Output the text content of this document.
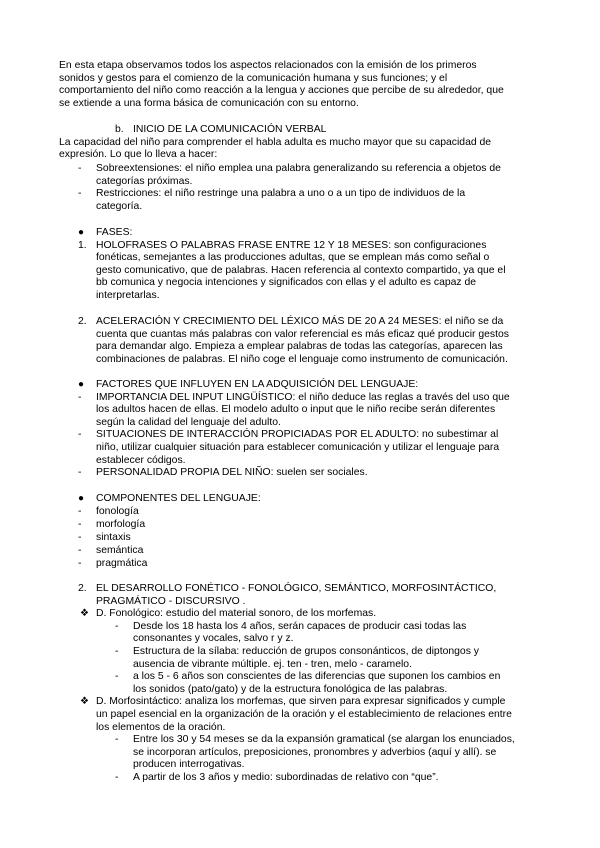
En esta etapa observamos todos los aspectos relacionados con la emisión de los primeros
sonidos y gestos para el comienzo de la comunicación humana y sus funciones; y el
comportamiento del niño como reacción a la lengua y acciones que percibe de su alrededor, que
se extiende a una forma básica de comunicación con su entorno.
b. INICIO DE LA COMUNICACIÓN VERBAL
La capacidad del niño para comprender el habla adulta es mucho mayor que su capacidad de
expresión. Lo que lo lleva a hacer:
- Sobreextensiones: el niño emplea una palabra generalizando su referencia a objetos de
categorías próximas.
- Restricciones: el niño restringe una palabra a uno o a un tipo de individuos de la
categoría.
● FASES:
1. HOLOFRASES O PALABRAS FRASE ENTRE 12 Y 18 MESES: son configuraciones
fonéticas, semejantes a las producciones adultas, que se emplean más como señal o
gesto comunicativo, que de palabras. Hacen referencia al contexto compartido, ya que el
bb comunica y negocia intenciones y significados con ellas y el adulto es capaz de
interpretarlas.
2. ACELERACIÓN Y CRECIMIENTO DEL LÉXICO MÁS DE 20 A 24 MESES: el niño se da
cuenta que cuantas más palabras con valor referencial es más eficaz qué producir gestos
para demandar algo. Empieza a emplear palabras de todas las categorías, aparecen las
combinaciones de palabras. El niño coge el lenguaje como instrumento de comunicación.
● FACTORES QUE INFLUYEN EN LA ADQUISICIÓN DEL LENGUAJE:
- IMPORTANCIA DEL INPUT LINGÜÍSTICO: el niño deduce las reglas a través del uso que
los adultos hacen de ellas. El modelo adulto o input que le niño recibe serán diferentes
según la calidad del lenguaje del adulto.
- SITUACIONES DE INTERACCIÓN PROPICIADAS POR EL ADULTO: no subestimar al
niño, utilizar cualquier situación para establecer comunicación y utilizar el lenguaje para
establecer códigos.
- PERSONALIDAD PROPIA DEL NIÑO: suelen ser sociales.
● COMPONENTES DEL LENGUAJE:
- fonología
- morfología
- sintaxis
- semántica
- pragmática
2. EL DESARROLLO FONÉTICO - FONOLÓGICO, SEMÁNTICO, MORFOSINTÁCTICO,
PRAGMÁTICO - DISCURSIVO .
❖ D. Fonológico: estudio del material sonoro, de los morfemas.
- Desde los 18 hasta los 4 años, serán capaces de producir casi todas las
consonantes y vocales, salvo r y z.
- Estructura de la sílaba: reducción de grupos consonánticos, de diptongos y
ausencia de vibrante múltiple. ej. ten - tren, melo - caramelo.
- a los 5 - 6 años son conscientes de las diferencias que suponen los cambios en
los sonidos (pato/gato) y de la estructura fonológica de las palabras.
❖ D. Morfosintáctico: analiza los morfemas, que sirven para expresar significados y cumple
un papel esencial en la organización de la oración y el establecimiento de relaciones entre
los elementos de la oración.
- Entre los 30 y 54 meses se da la expansión gramatical (se alargan los enunciados,
se incorporan artículos, preposiciones, pronombres y adverbios (aquí y allí). se
producen interrogativas.
- A partir de los 3 años y medio: subordinadas de relativo con “que”.
